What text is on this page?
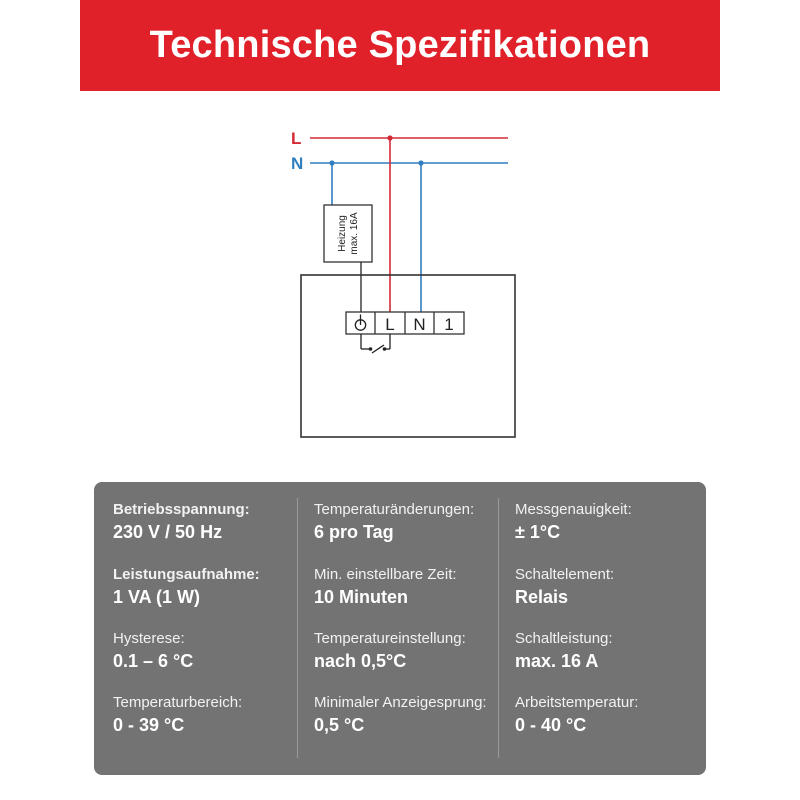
Technische Spezifikationen
L
N
Heizung max. 16A
L N 1
Betriebsspannung:
230 V / 50 Hz
Leistungsaufnahme:
1 VA (1 W)
Hysterese:
0.1 – 6 °C
Temperaturbereich:
0 - 39 °C
Temperaturänderungen:
6 pro Tag
Min. einstellbare Zeit:
10 Minuten
Temperatureinstellung:
nach 0,5°C
Minimaler Anzeigesprung:
0,5 °C
Messgenauigkeit:
± 1°C
Schaltelement:
Relais
Schaltleistung:
max. 16 A
Arbeitstemperatur:
0 - 40 °C
